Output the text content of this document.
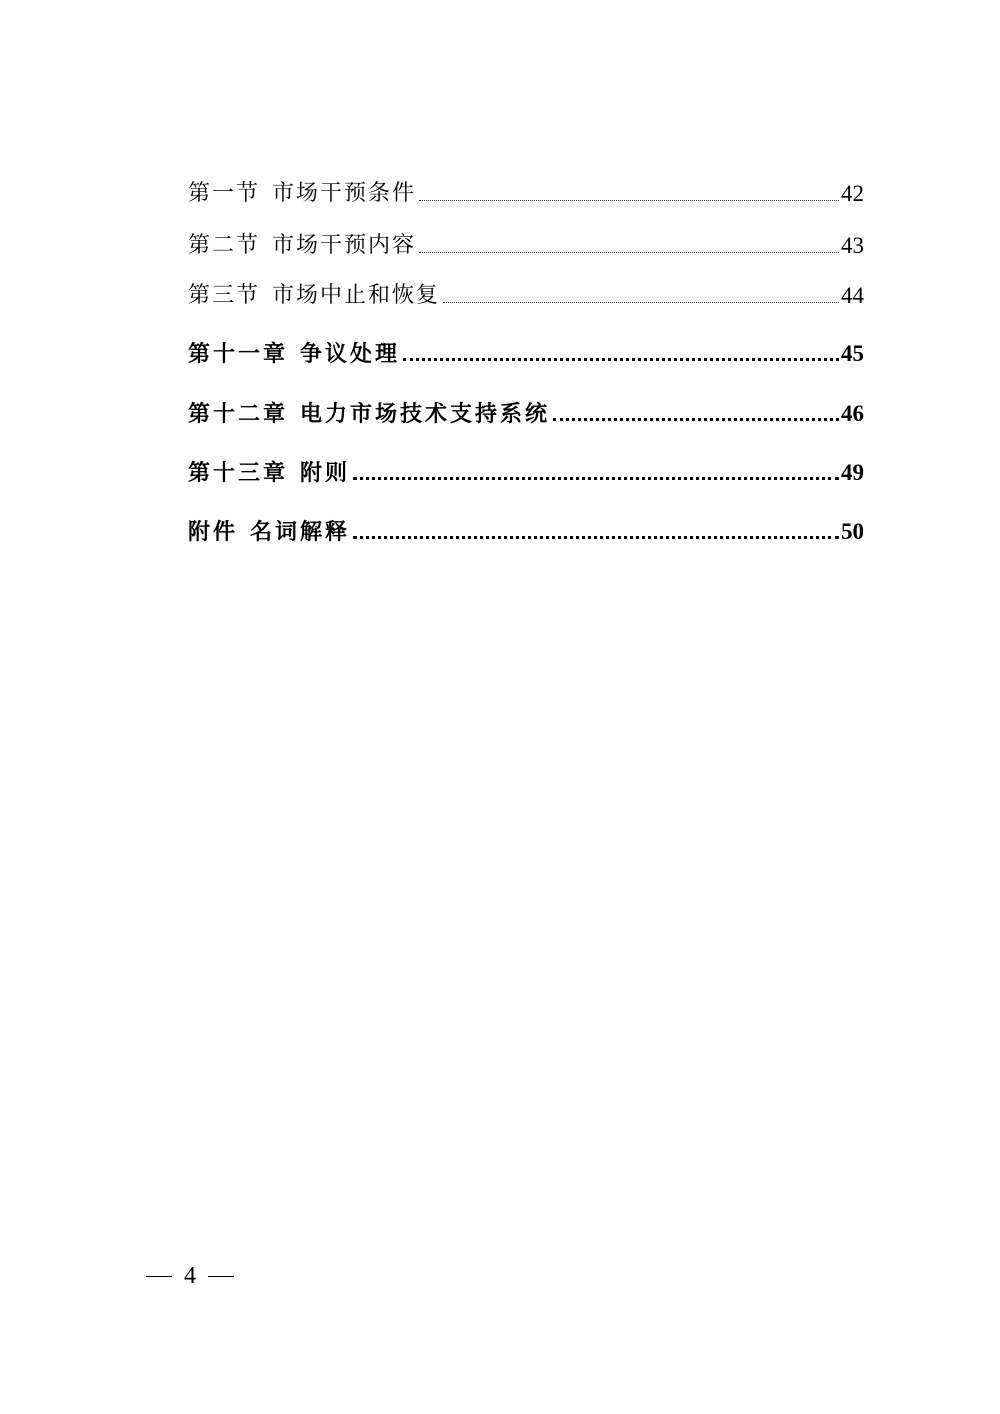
第一节 市场干预条件	42
第二节 市场干预内容	43
第三节 市场中止和恢复	44
第十一章 争议处理	45
第十二章 电力市场技术支持系统	46
第十三章 附则	49
附件 名词解释	50
4
